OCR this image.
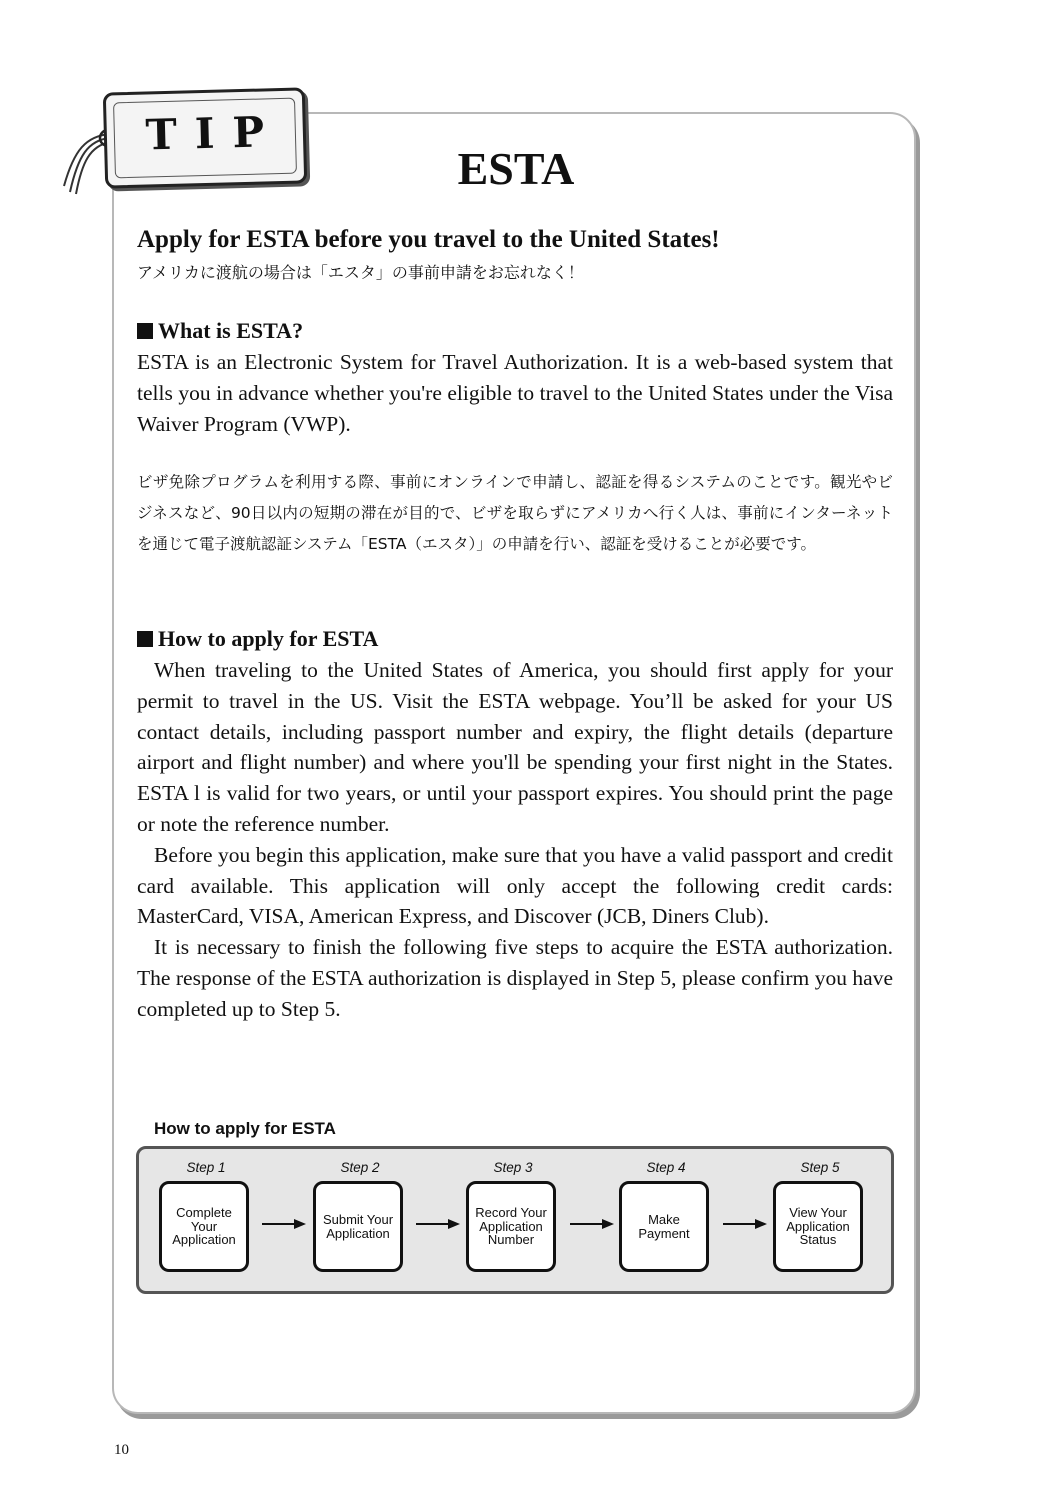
TIP
ESTA
Apply for ESTA before you travel to the United States!
アメリカに渡航の場合は「エスタ」の事前申請をお忘れなく！
What is ESTA?

ESTA is an Electronic System for Travel Authorization. It is a web-based system that tells you in advance whether you're eligible to travel to the United States under the Visa Waiver Program (VWP).

ビザ免除プログラムを利用する際、事前にオンラインで申請し、認証を得るシステムのことです。観光やビジネスなど、90日以内の短期の滞在が目的で、ビザを取らずにアメリカへ行く人は、事前にインターネットを通じて電子渡航認証システム「ESTA（エスタ）」の申請を行い、認証を受けることが必要です。

How to apply for ESTA

When traveling to the United States of America, you should first apply for your permit to travel in the US. Visit the ESTA webpage. You’ll be asked for your US contact details, including passport number and expiry, the flight details (departure airport and flight number) and where you'll be spending your first night in the States. ESTA l is valid for two years, or until your passport expires. You should print the page or note the reference number.

Before you begin this application, make sure that you have a valid passport and credit card available. This application will only accept the following credit cards: MasterCard, VISA, American Express, and Discover (JCB, Diners Club).

It is necessary to finish the following five steps to acquire the ESTA authorization. The response of the ESTA authorization is displayed in Step 5, please confirm you have completed up to Step 5.

How to apply for ESTA
Step 1	Step 2	Step 3	Step 4	Step 5
Complete Your Application
Submit Your Application
Record Your Application Number
Make Payment
View Your Application Status
10
